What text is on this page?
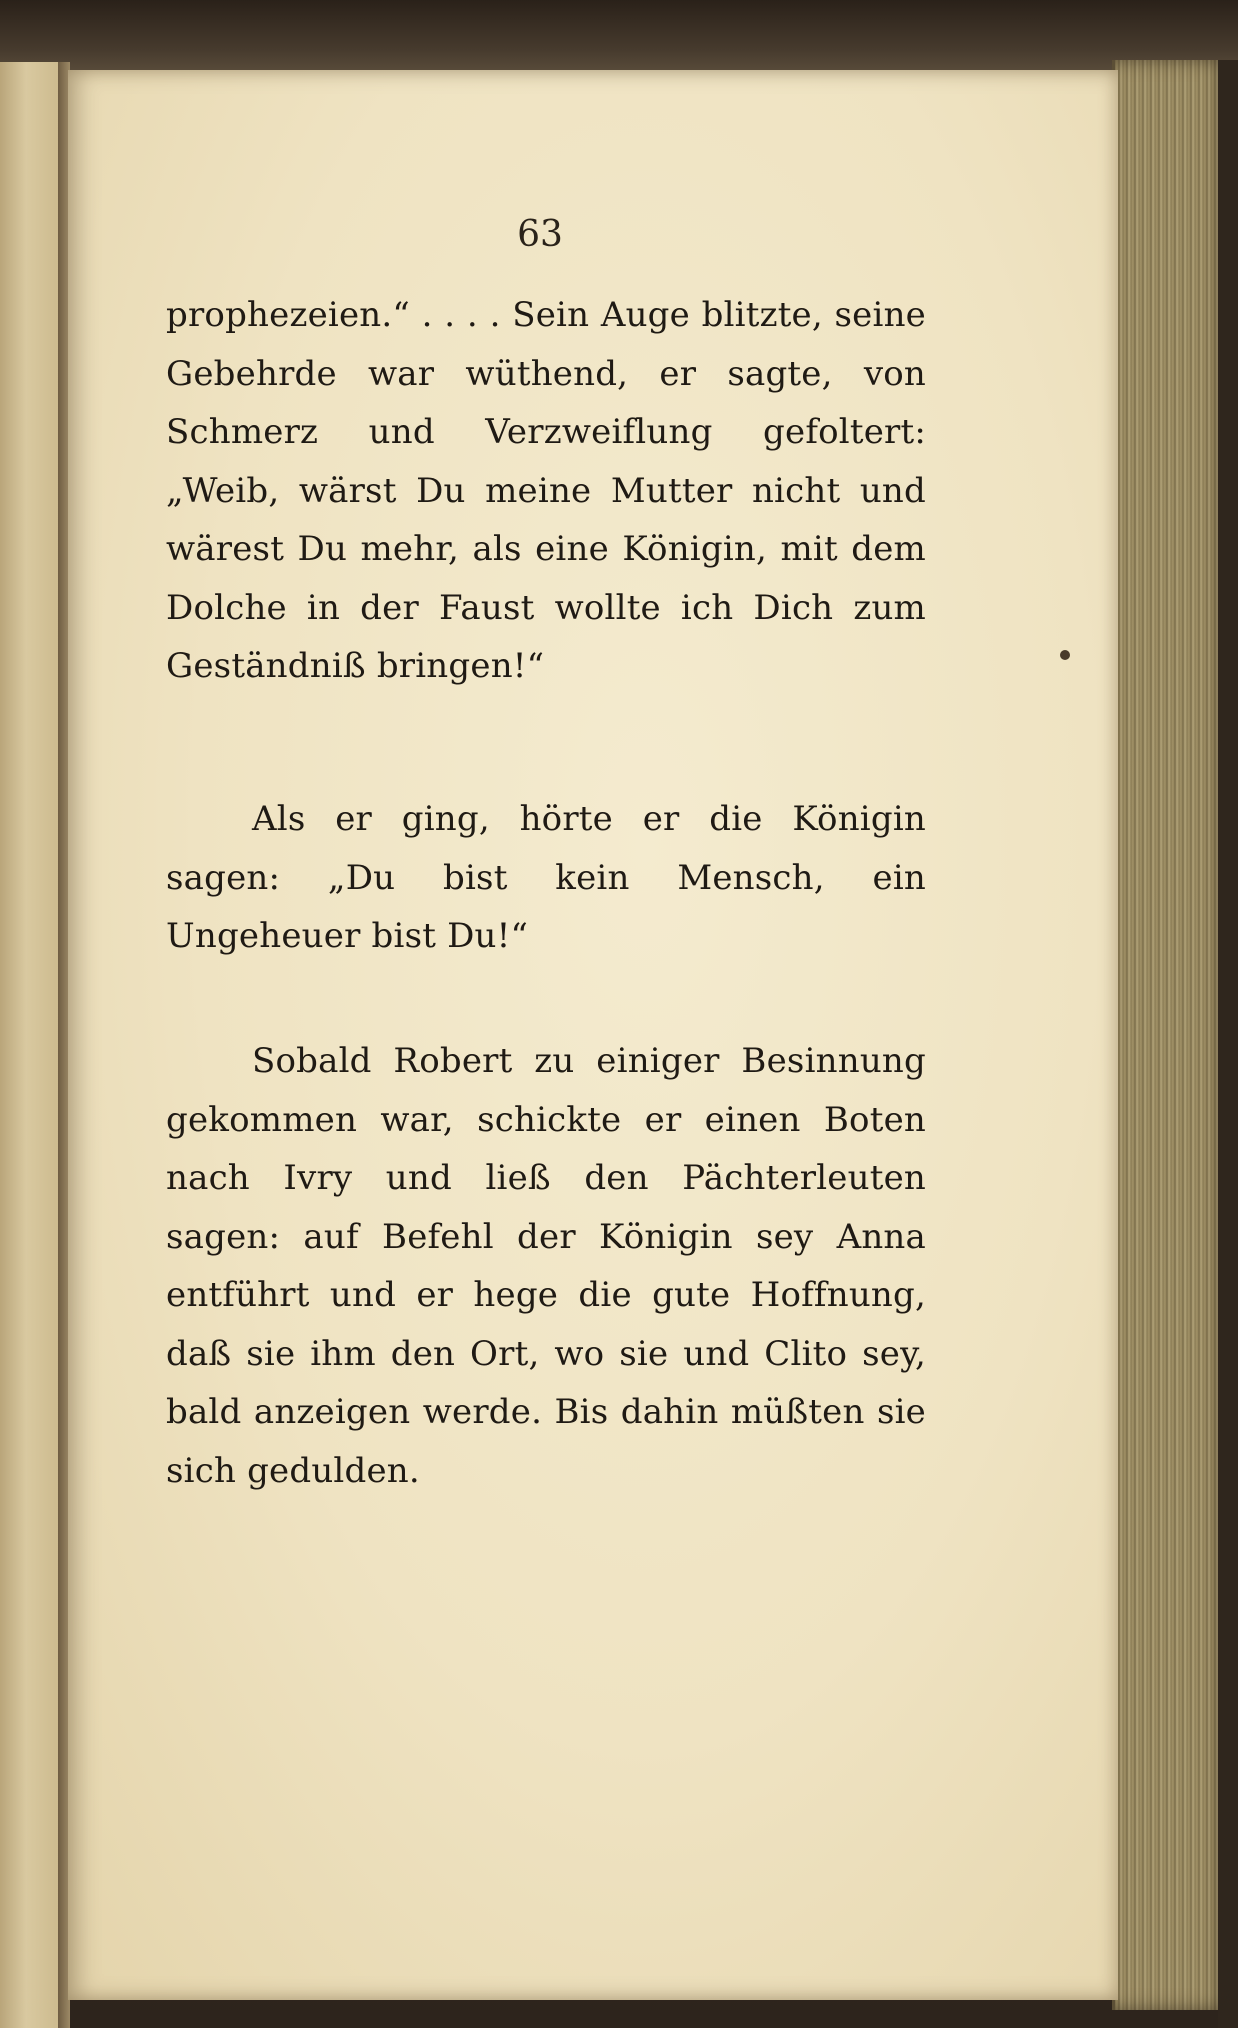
63
prophezeien.“ . . . . Sein Auge blitzte, seine Gebehrde war wüthend, er sagte, von Schmerz und Verzweiflung gefoltert: „Weib, wärst Du meine Mutter nicht und wärest Du mehr, als eine Königin, mit dem Dolche in der Faust wollte ich Dich zum Geständniß bringen!“
Als er ging, hörte er die Königin sagen: „Du bist kein Mensch, ein Ungeheuer bist Du!“
Sobald Robert zu einiger Besinnung gekommen war, schickte er einen Boten nach Ivry und ließ den Pächterleuten sagen: auf Befehl der Königin sey Anna entführt und er hege die gute Hoffnung, daß sie ihm den Ort, wo sie und Clito sey, bald anzeigen werde. Bis dahin müßten sie sich gedulden.
